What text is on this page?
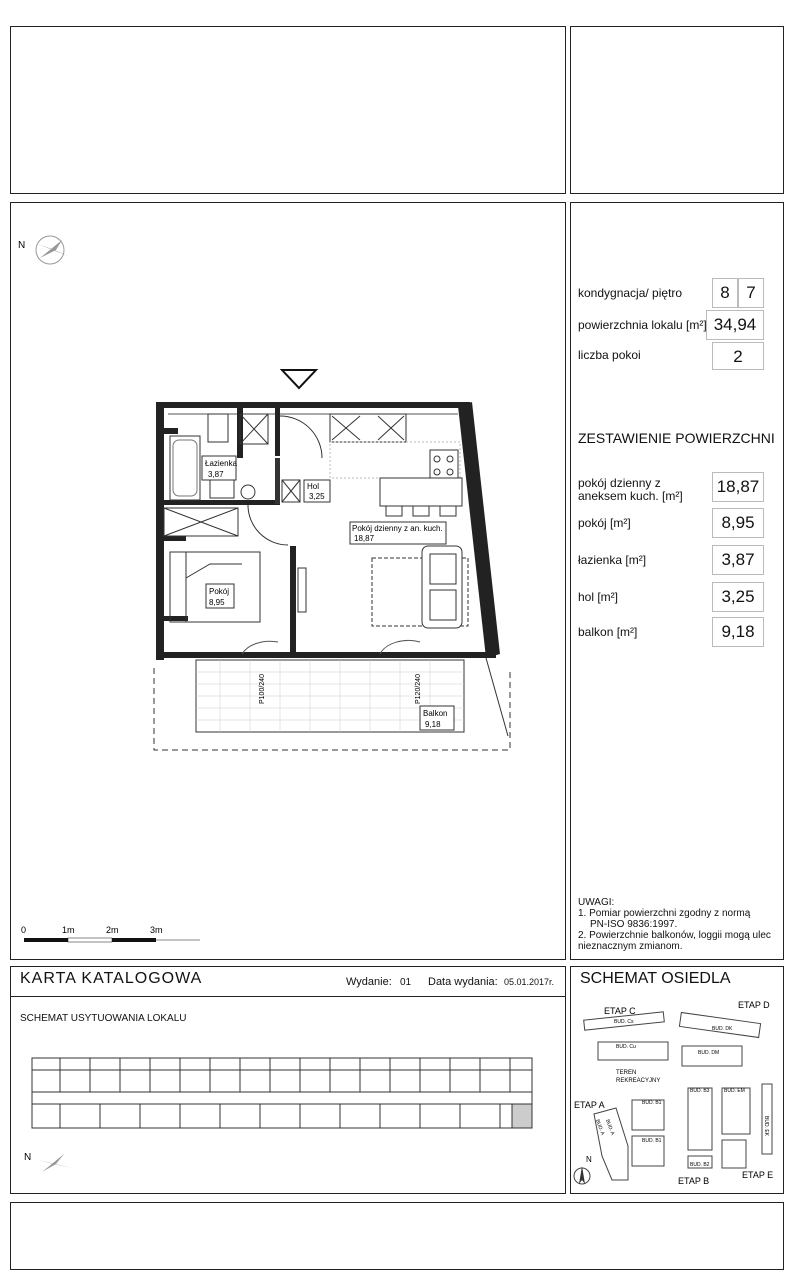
kondygnacja/ piętro	8 7
powierzchnia lokalu [m²] 34,94
liczba pokoi	2
ZESTAWIENIE POWIERZCHNI
pokój dzienny z
aneksem kuch. [m²] 18,87
pokój [m²]	8,95
łazienka [m²]	3,87
hol [m²]	3,25
balkon [m²]	9,18
UWAGI:
1. Pomiar powierzchni zgodny z normą
PN-ISO 9836:1997.
2. Powierzchnie balkonów, loggii mogą ulec
nieznacznym zmianom.
N
Łazienka
3,87
Hol
3,25
Pokój dzienny z an. kuch.
18,87
Pokój
8,95
Balkon
9,18
P100/240	P120/240
0	1m	2m	3m
KARTA KATALOGOWA	Wydanie: 01 Data wydania: 05.01.2017r.
SCHEMAT USYTUOWANIA LOKALU
N
SCHEMAT OSIEDLA
ETAP C
ETAP D
ETAP A
ETAP B
ETAP E
TEREN
REKREACYJNY
BUD. Cs
BUD. Cu
BUD. DK
BUD. DM
BUD. B3	BUD. EM
BUD. EK
BUD. B1
BUD. B1
BUD. B2
BUD. A
BUD. A
N
